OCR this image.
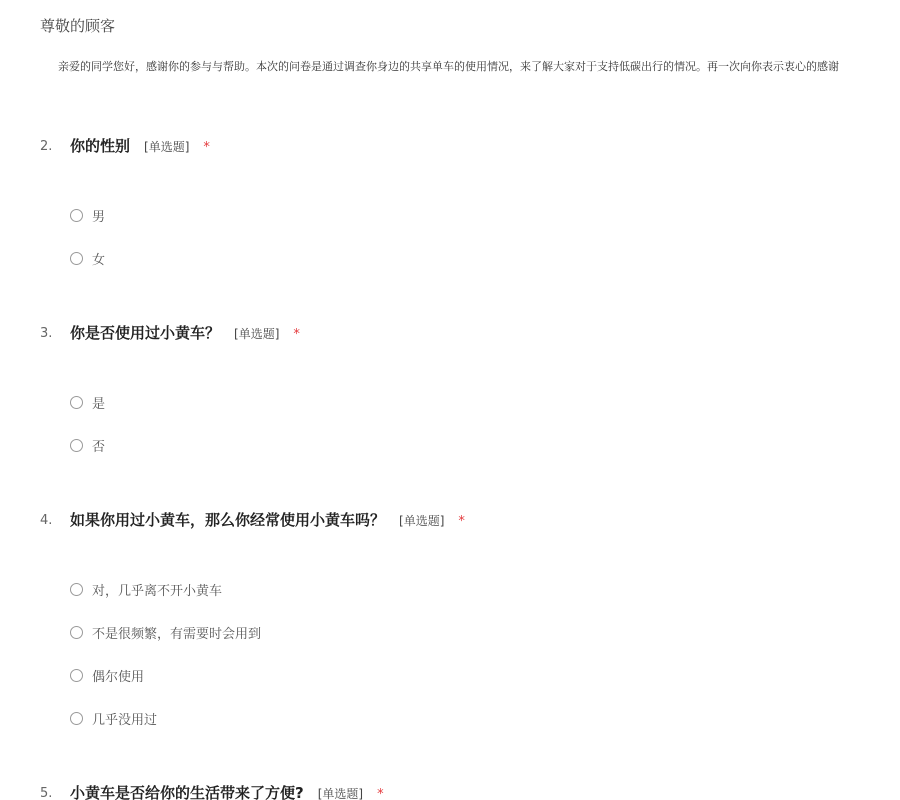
尊敬的顾客
亲爱的同学您好，感谢你的参与与帮助。本次的问卷是通过调查你身边的共享单车的使用情况，来了解大家对于支持低碳出行的情况。再一次向你表示衷心的感谢
2. 你的性别 [单选题] *
男
女
3. 你是否使用过小黄车？ [单选题] *
是
否
4. 如果你用过小黄车，那么你经常使用小黄车吗？ [单选题] *
对，几乎离不开小黄车
不是很频繁，有需要时会用到
偶尔使用
几乎没用过
5. 小黄车是否给你的生活带来了方便? [单选题] *
